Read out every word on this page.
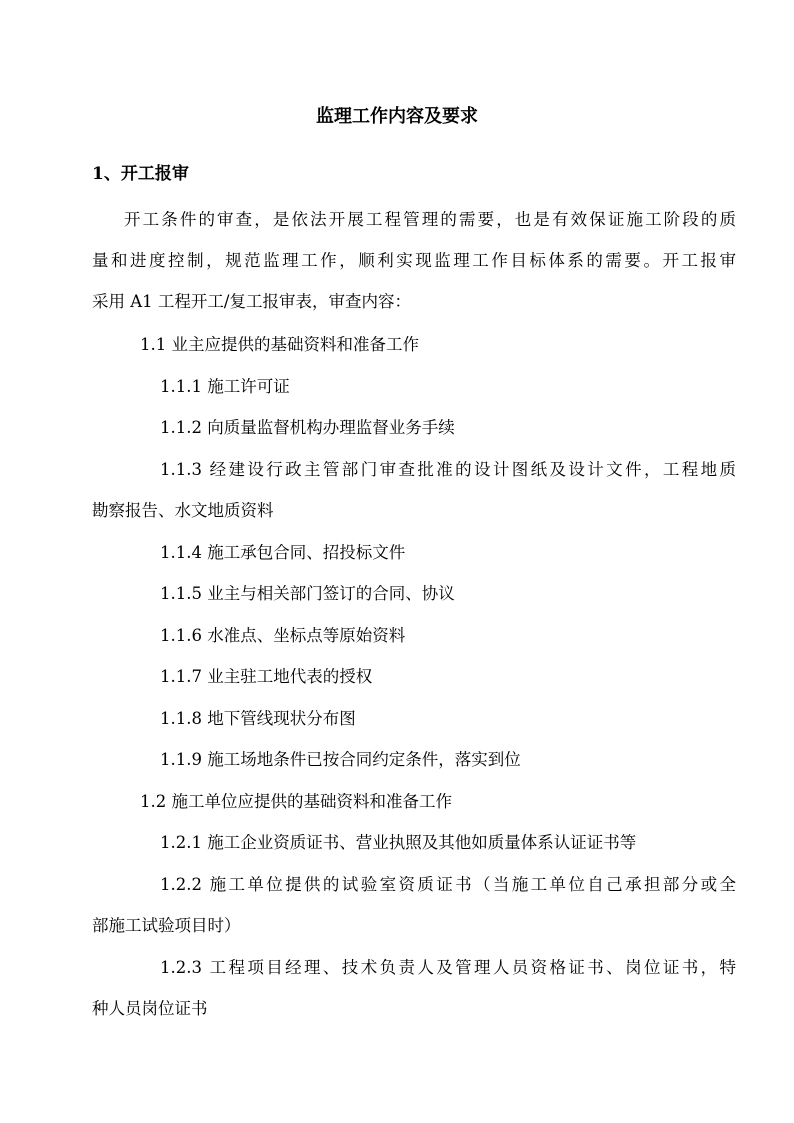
监理工作内容及要求
1、开工报审
开工条件的审查，是依法开展工程管理的需要，也是有效保证施工阶段的质
量和进度控制，规范监理工作，顺利实现监理工作目标体系的需要。开工报审
采用 A1 工程开工/复工报审表，审查内容：
1.1 业主应提供的基础资料和准备工作
1.1.1 施工许可证
1.1.2 向质量监督机构办理监督业务手续
1.1.3 经建设行政主管部门审查批准的设计图纸及设计文件，工程地质
勘察报告、水文地质资料
1.1.4 施工承包合同、招投标文件
1.1.5 业主与相关部门签订的合同、协议
1.1.6 水准点、坐标点等原始资料
1.1.7 业主驻工地代表的授权
1.1.8 地下管线现状分布图
1.1.9 施工场地条件已按合同约定条件，落实到位
1.2 施工单位应提供的基础资料和准备工作
1.2.1 施工企业资质证书、营业执照及其他如质量体系认证证书等
1.2.2 施工单位提供的试验室资质证书（当施工单位自己承担部分或全
部施工试验项目时）
1.2.3 工程项目经理、技术负责人及管理人员资格证书、岗位证书，特
种人员岗位证书
